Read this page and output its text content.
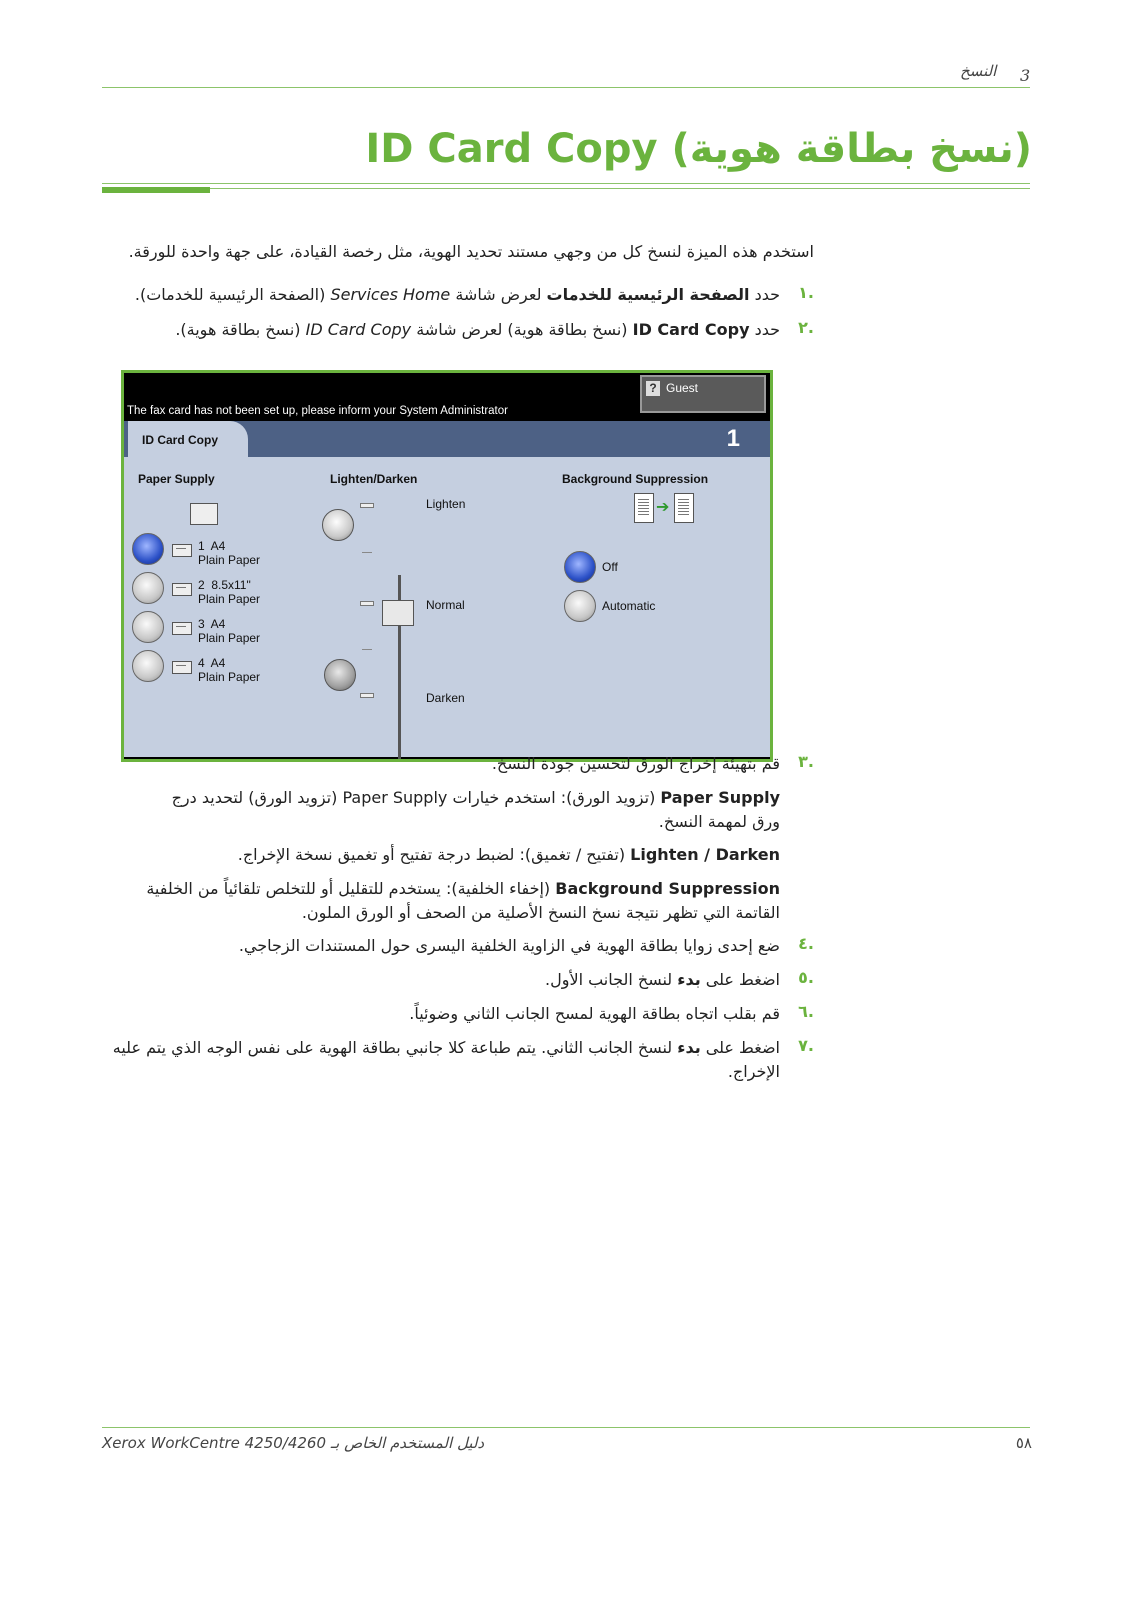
3
النسخ
ID Card Copy (نسخ بطاقة هوية)
استخدم هذه الميزة لنسخ كل من وجهي مستند تحديد الهوية، مثل رخصة القيادة، على جهة واحدة للورقة.
.١
حدد الصفحة الرئيسية للخدمات لعرض شاشة Services Home (الصفحة الرئيسية للخدمات).
.٢
حدد ID Card Copy (نسخ بطاقة هوية) لعرض شاشة ID Card Copy (نسخ بطاقة هوية).
The fax card has not been set up, please inform your System Administrator
? Guest
ID Card Copy	1
Paper Supply
1  A4
Plain Paper
2  8.5x11"
Plain Paper
3  A4
Plain Paper
4  A4
Plain Paper
Lighten/Darken
Lighten
Normal
Darken
Background Suppression
➔
Off
Automatic
.٣
قم بتهيئة إخراج الورق لتحسين جودة النسخ.
Paper Supply (تزويد الورق): استخدم خيارات Paper Supply (تزويد الورق) لتحديد درج ورق لمهمة النسخ.
Lighten / Darken (تفتيح / تغميق): لضبط درجة تفتيح أو تغميق نسخة الإخراج.
Background Suppression (إخفاء الخلفية): يستخدم للتقليل أو للتخلص تلقائياً من الخلفية القاتمة التي تظهر نتيجة نسخ النسخ الأصلية من الصحف أو الورق الملون.
.٤
ضع إحدى زوايا بطاقة الهوية في الزاوية الخلفية اليسرى حول المستندات الزجاجي.
.٥
اضغط على بدء لنسخ الجانب الأول.
.٦
قم بقلب اتجاه بطاقة الهوية لمسح الجانب الثاني وضوئياً.
.٧
اضغط على بدء لنسخ الجانب الثاني. يتم طباعة كلا جانبي بطاقة الهوية على نفس الوجه الذي يتم عليه الإخراج.
دليل المستخدم الخاص بـ Xerox WorkCentre 4250/4260	٥٨
